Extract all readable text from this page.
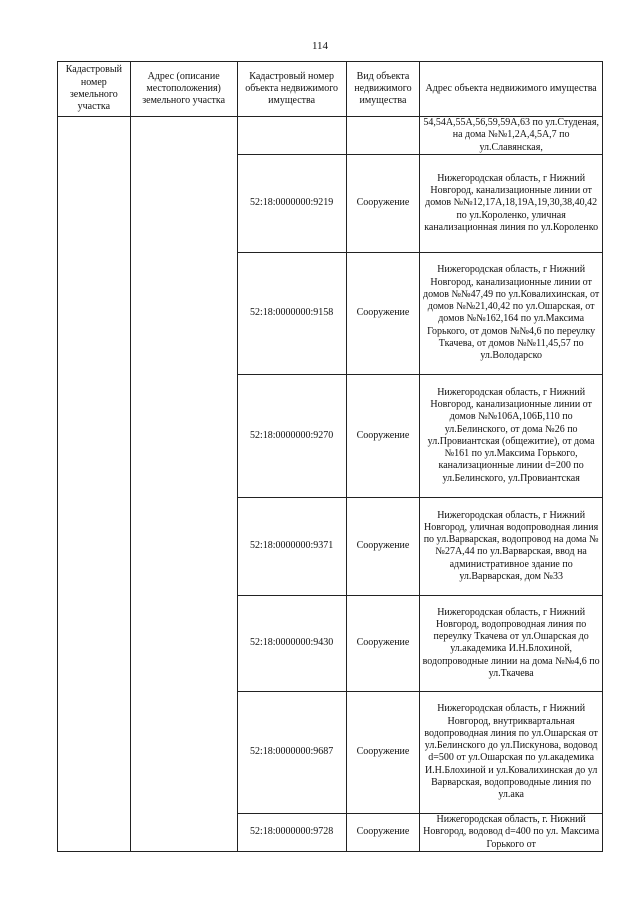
114
Кадастровый номер земельного участка	Адрес (описание местоположения) земельного участка	Кадастровый номер объекта недвижимого имущества	Вид объекта недвижимого имущества	Адрес объекта недвижимого имущества
				54,54А,55А,56,59,59А,63 по ул.Студеная, на дома №№1,2А,4,5А,7 по ул.Славянская,
		52:18:0000000:9219	Сооружение	Нижегородская область, г Нижний Новгород, канализационные линии от домов №№12,17А,18,19А,19,30,38,40,42 по ул.Короленко, уличная канализационная линия по ул.Короленко
		52:18:0000000:9158	Сооружение	Нижегородская область, г Нижний Новгород, канализационные линии от домов №№47,49 по ул.Ковалихинская, от домов №№21,40,42 по ул.Ошарская, от домов №№162,164 по ул.Максима Горького, от домов №№4,6 по переулку Ткачева, от домов №№11,45,57 по ул.Володарско
		52:18:0000000:9270	Сооружение	Нижегородская область, г Нижний Новгород, канализационные линии от домов №№106А,106Б,110 по ул.Белинского, от дома №26 по ул.Провиантская (общежитие), от дома №161 по ул.Максима Горького, канализационные линии d=200 по ул.Белинского, ул.Провиантская
		52:18:0000000:9371	Сооружение	Нижегородская область, г Нижний Новгород, уличная водопроводная линия по ул.Варварская, водопровод на дома №№27А,44 по ул.Варварская, ввод на административное здание по ул.Варварская, дом №33
		52:18:0000000:9430	Сооружение	Нижегородская область, г Нижний Новгород, водопроводная линия по переулку Ткачева от ул.Ошарская до ул.академика И.Н.Блохиной, водопроводные линии на дома №№4,6 по ул.Ткачева
		52:18:0000000:9687	Сооружение	Нижегородская область, г Нижний Новгород, внутриквартальная водопроводная линия по ул.Ошарская от ул.Белинского до ул.Пискунова, водовод d=500 от ул.Ошарская по ул.академика И.Н.Блохиной и ул.Ковалихинская до ул Варварская, водопроводные линия по ул.ака
		52:18:0000000:9728	Сооружение	Нижегородская область, г. Нижний Новгород, водовод d=400 по ул. Максима Горького от
